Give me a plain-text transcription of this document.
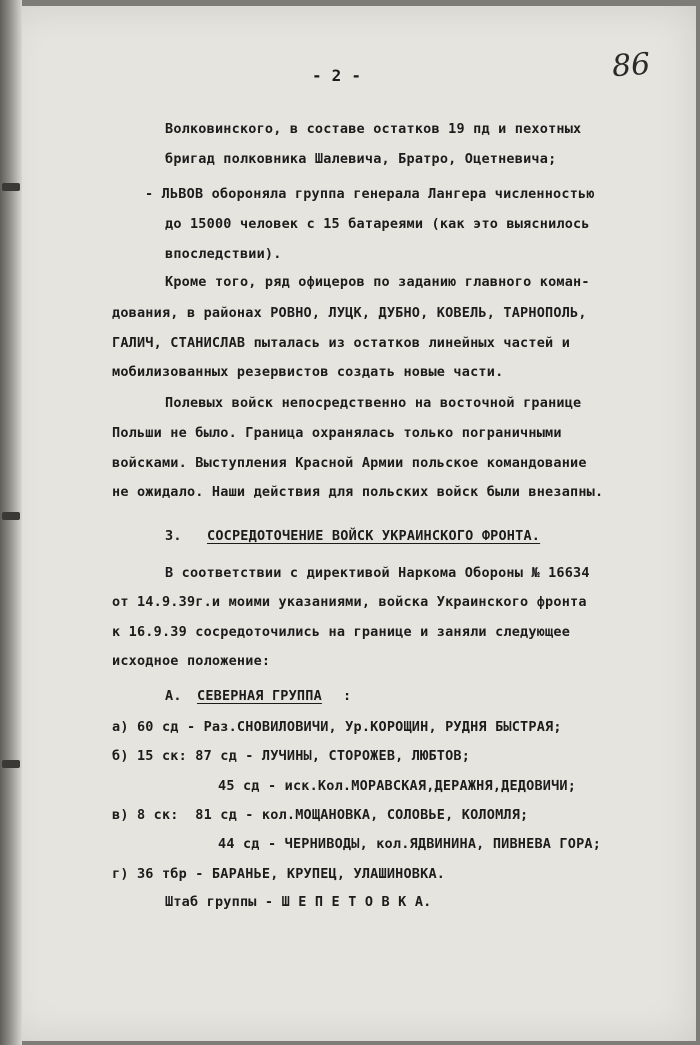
- 2 -	86
Волковинского, в составе остатков 19 пд и пехотных
бригад полковника Шалевича, Братро, Оцетневича;
- ЛЬВОВ обороняла группа генерала Лангера численностью
до 15000 человек с 15 батареями (как это выяснилось
впоследствии).
Кроме того, ряд офицеров по заданию главного коман-
дования, в районах РОВНО, ЛУЦК, ДУБНО, КОВЕЛЬ, ТАРНОПОЛЬ,
ГАЛИЧ, СТАНИСЛАВ пыталась из остатков линейных частей и
мобилизованных резервистов создать новые части.
Полевых войск непосредственно на восточной границе
Польши не было. Граница охранялась только пограничными
войсками. Выступления Красной Армии польское командование
не ожидало. Наши действия для польских войск были внезапны.
3. СОСРЕДОТОЧЕНИЕ ВОЙСК УКРАИНСКОГО ФРОНТА.
В соответствии с директивой Наркома Обороны № 16634
от 14.9.39г.и моими указаниями, войска Украинского фронта
к 16.9.39 сосредоточились на границе и заняли следующее
исходное положение:
А. СЕВЕРНАЯ ГРУППА :
а) 60 сд - Раз.СНОВИЛОВИЧИ, Ур.КОРОЩИН, РУДНЯ БЫСТРАЯ;
б) 15 ск: 87 сд - ЛУЧИНЫ, СТОРОЖЕВ, ЛЮБТОВ;
45 сд - иск.Кол.МОРАВСКАЯ,ДЕРАЖНЯ,ДЕДОВИЧИ;
в) 8 ск:  81 сд - кол.МОЩАНОВКА, СОЛОВЬЕ, КОЛОМЛЯ;
44 сд - ЧЕРНИВОДЫ, кол.ЯДВИНИНА, ПИВНЕВА ГОРА;
г) 36 тбр - БАРАНЬЕ, КРУПЕЦ, УЛАШИНОВКА.
Штаб группы - Ш Е П Е Т О В К А.
